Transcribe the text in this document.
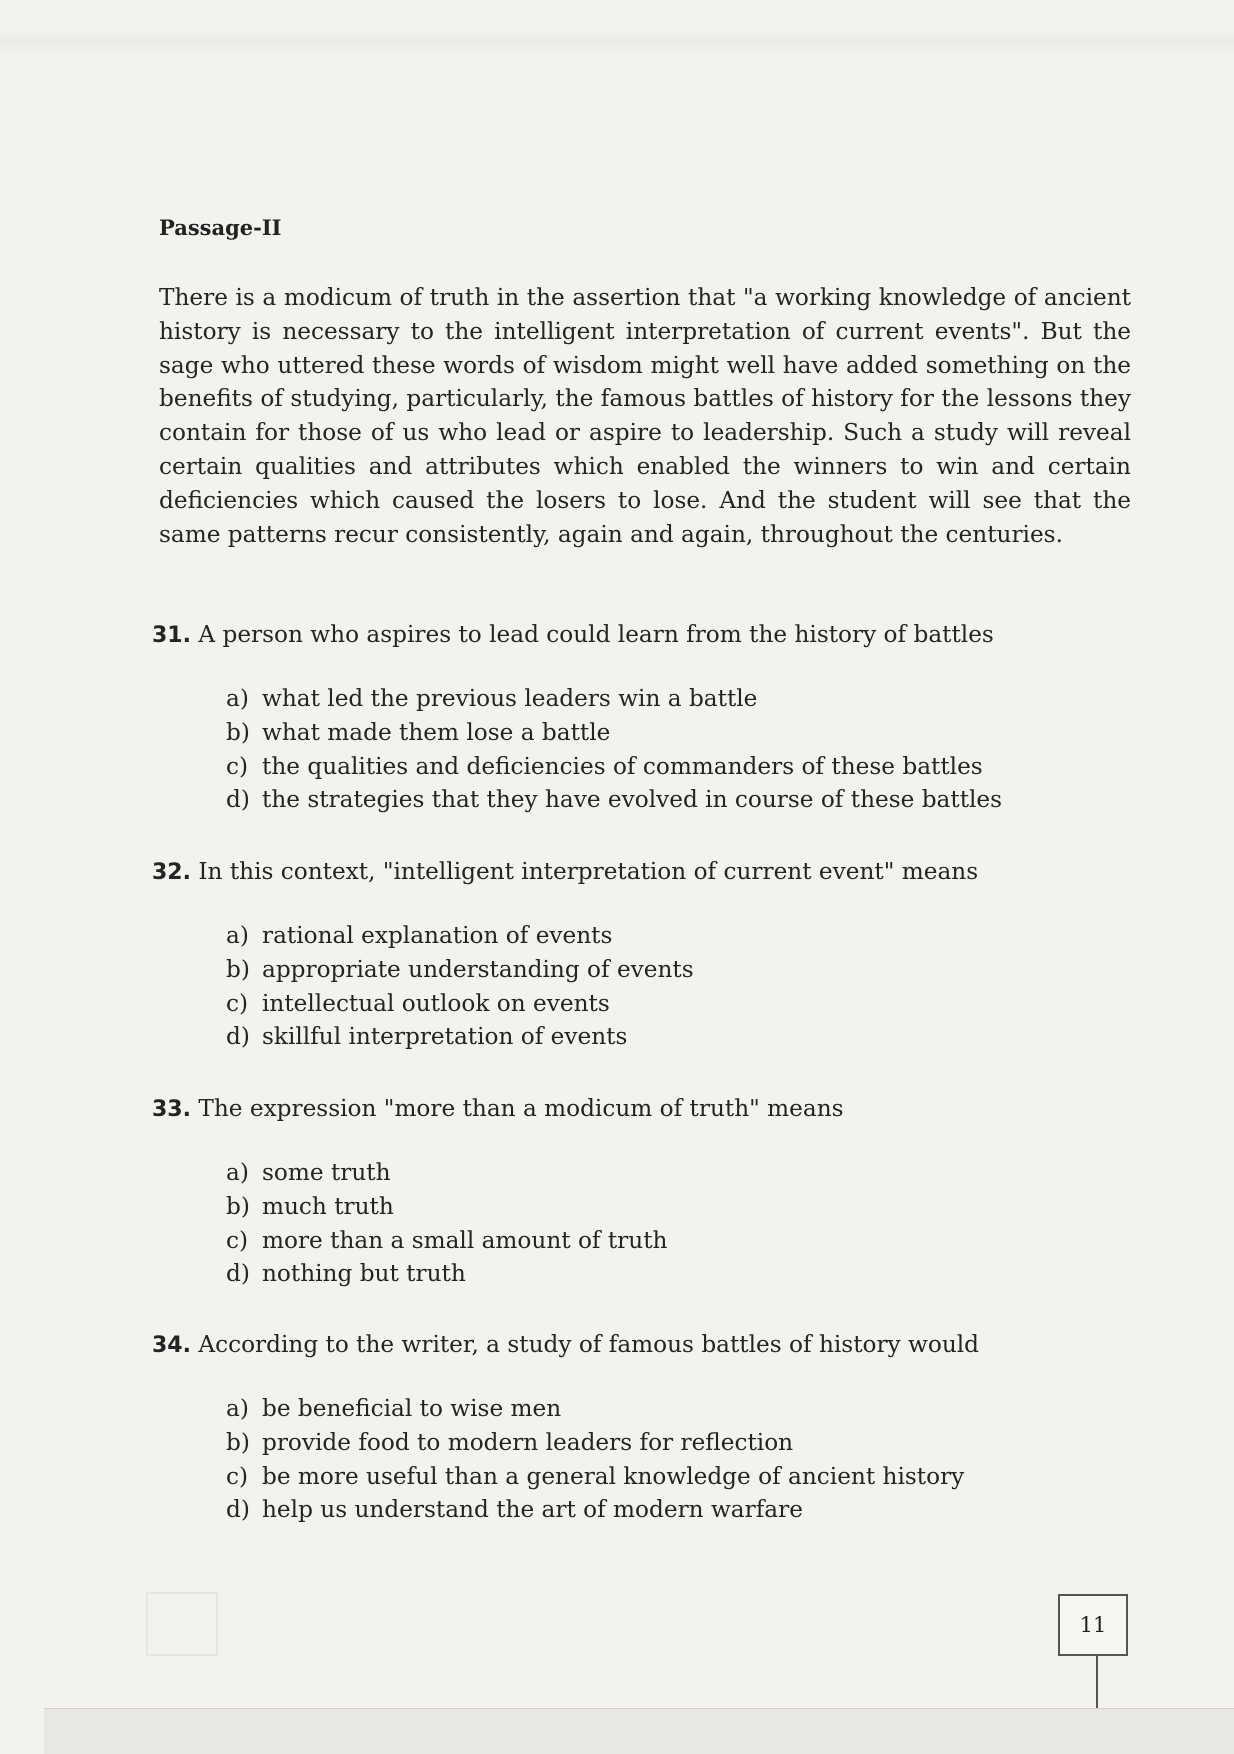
Passage-II
There is a modicum of truth in the assertion that "a working knowledge of ancient history is necessary to the intelligent interpretation of current events". But the sage who uttered these words of wisdom might well have added something on the benefits of studying, particularly, the famous battles of history for the lessons they contain for those of us who lead or aspire to leadership. Such a study will reveal certain qualities and attributes which enabled the winners to win and certain deficiencies which caused the losers to lose. And the student will see that the same patterns recur consistently, again and again, throughout the centuries.
31. A person who aspires to lead could learn from the history of battles
a) what led the previous leaders win a battle
b) what made them lose a battle
c) the qualities and deficiencies of commanders of these battles
d) the strategies that they have evolved in course of these battles
32. In this context, "intelligent interpretation of current event" means
a) rational explanation of events
b) appropriate understanding of events
c) intellectual outlook on events
d) skillful interpretation of events
33. The expression "more than a modicum of truth" means
a) some truth
b) much truth
c) more than a small amount of truth
d) nothing but truth
34. According to the writer, a study of famous battles of history would
a) be beneficial to wise men
b) provide food to modern leaders for reflection
c) be more useful than a general knowledge of ancient history
d) help us understand the art of modern warfare
11
